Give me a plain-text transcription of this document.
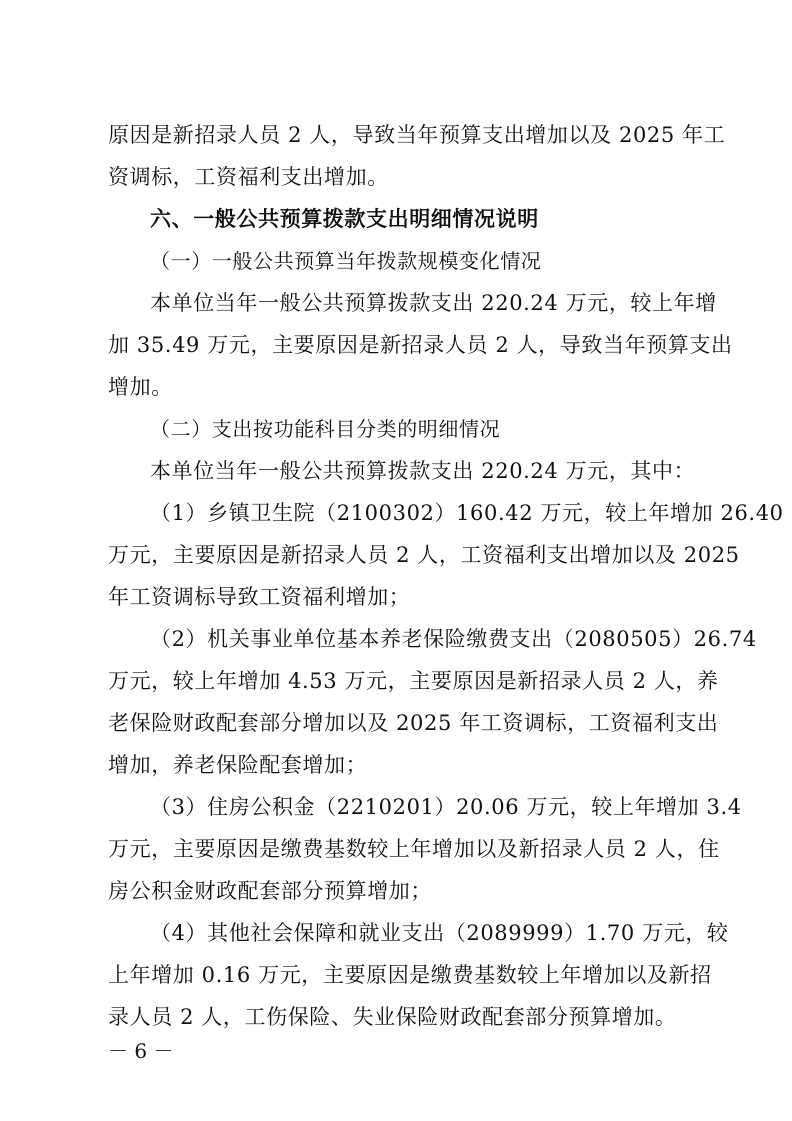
原因是新招录人员 2 人，导致当年预算支出增加以及 2025 年工
资调标，工资福利支出增加。
六、一般公共预算拨款支出明细情况说明
（一）一般公共预算当年拨款规模变化情况
本单位当年一般公共预算拨款支出 220.24 万元，较上年增
加 35.49 万元，主要原因是新招录人员 2 人，导致当年预算支出
增加。
（二）支出按功能科目分类的明细情况
本单位当年一般公共预算拨款支出 220.24 万元，其中：
（1）乡镇卫生院（2100302）160.42 万元，较上年增加 26.40
万元，主要原因是新招录人员 2 人，工资福利支出增加以及 2025
年工资调标导致工资福利增加；
（2）机关事业单位基本养老保险缴费支出（2080505）26.74
万元，较上年增加 4.53 万元，主要原因是新招录人员 2 人，养
老保险财政配套部分增加以及 2025 年工资调标，工资福利支出
增加，养老保险配套增加；
（3）住房公积金（2210201）20.06 万元，较上年增加 3.4
万元，主要原因是缴费基数较上年增加以及新招录人员 2 人，住
房公积金财政配套部分预算增加；
（4）其他社会保障和就业支出（2089999）1.70 万元，较
上年增加 0.16 万元，主要原因是缴费基数较上年增加以及新招
录人员 2 人，工伤保险、失业保险财政配套部分预算增加。
－ 6 －
